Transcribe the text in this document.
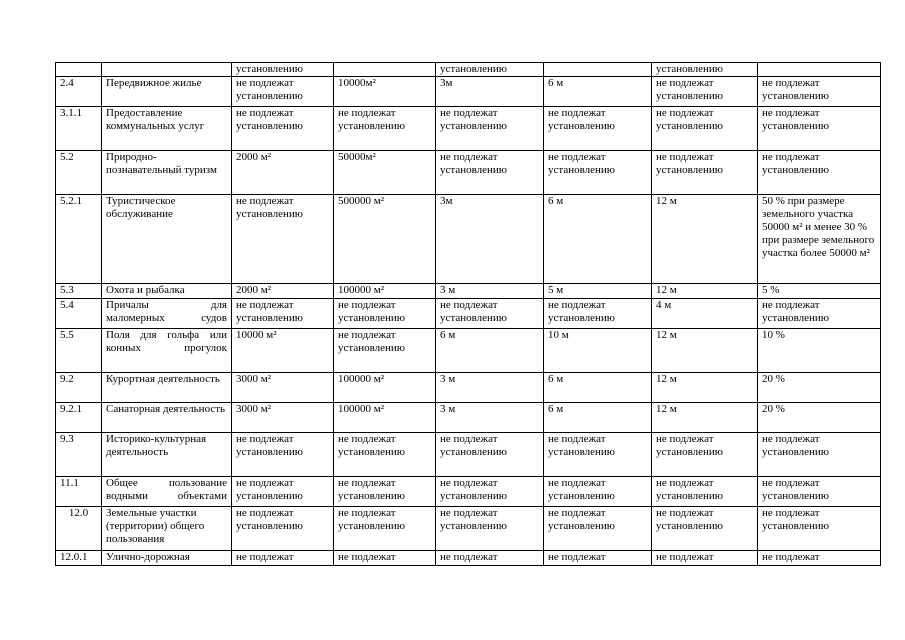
		установлению		установлению		установлению	
2.4	Передвижное жилье	не подлежат установлению	10000м²	3м	6 м	не подлежат установлению	не подлежат установлению
3.1.1	Предоставление коммунальных услуг	не подлежат установлению	не подлежат установлению	не подлежат установлению	не подлежат установлению	не подлежат установлению	не подлежат установлению
5.2	Природно-познавательный туризм	2000 м²	50000м²	не подлежат установлению	не подлежат установлению	не подлежат установлению	не подлежат установлению
5.2.1	Туристическое обслуживание	не подлежат установлению	500000 м²	3м	6 м	12 м	50 % при размере земельного участка 50000 м² и менее 30 % при размере земельного участка более 50000 м²
5.3	Охота и рыбалка	2000 м²	100000 м²	3 м	5 м	12 м	5 %
5.4	Причалы для маломерных судов	не подлежат установлению	не подлежат установлению	не подлежат установлению	не подлежат установлению	4 м	не подлежат установлению
5.5	Поля для гольфа или конных прогулок	10000 м²	не подлежат установлению	6 м	10 м	12 м	10 %
9.2	Курортная деятельность	3000 м²	100000 м²	3 м	6 м	12 м	20 %
9.2.1	Санаторная деятельность	3000 м²	100000 м²	3 м	6 м	12 м	20 %
9.3	Историко-культурная деятельность	не подлежат установлению	не подлежат установлению	не подлежат установлению	не подлежат установлению	не подлежат установлению	не подлежат установлению
11.1	Общее пользование водными объектами	не подлежат установлению	не подлежат установлению	не подлежат установлению	не подлежат установлению	не подлежат установлению	не подлежат установлению
12.0	Земельные участки (территории) общего пользования	не подлежат установлению	не подлежат установлению	не подлежат установлению	не подлежат установлению	не подлежат установлению	не подлежат установлению
12.0.1	Улично-дорожная	не подлежат	не подлежат	не подлежат	не подлежат	не подлежат	не подлежат
